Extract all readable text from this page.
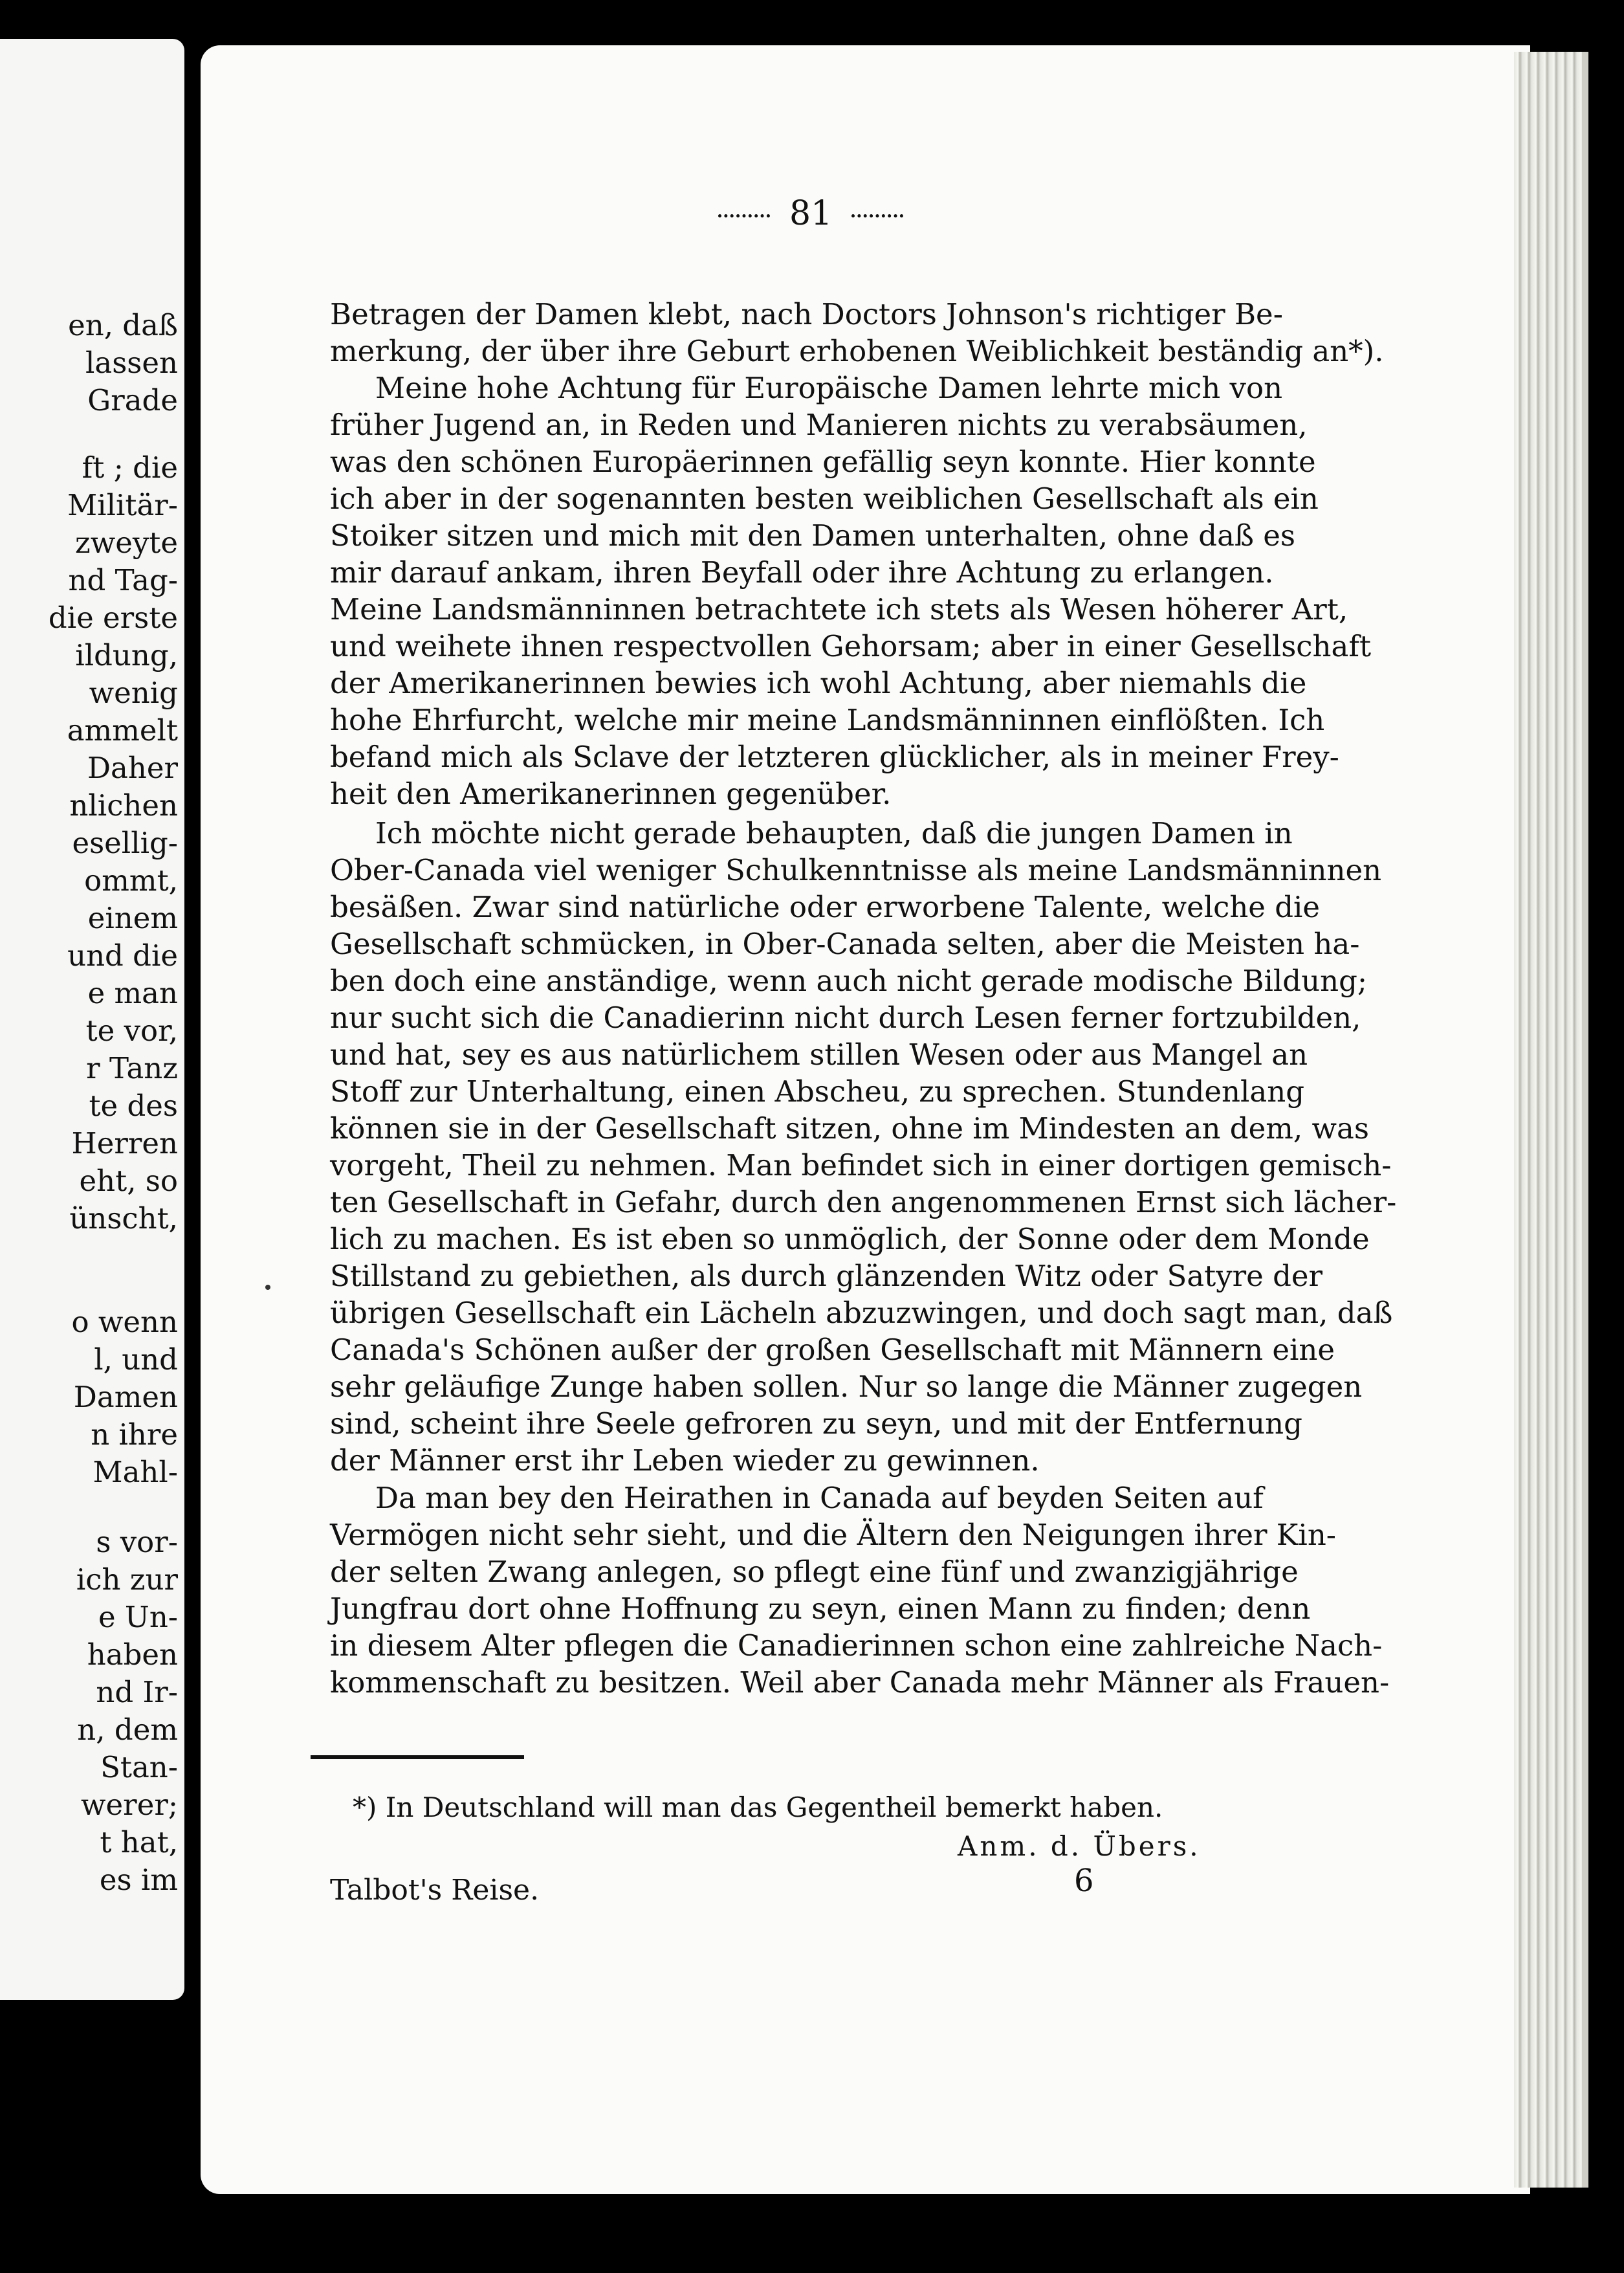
en, daß
lassen
Grade
ft ; die
Militär-
zweyte
nd Tag-
die erste
ildung,
wenig
ammelt
Daher
nlichen
esellig-
ommt,
einem
und die
e man
te vor,
r Tanz
te des
Herren
eht, so
ünscht,
o wenn
l, und
Damen
n ihre
Mahl-
s vor-
ich zur
e Un-
haben
nd Ir-
n, dem
Stan-
werer;
t hat,
es im
81
Betragen der Damen klebt, nach Doctors Johnson's richtiger Be-
merkung, der über ihre Geburt erhobenen Weiblichkeit beständig an*).
Meine hohe Achtung für Europäische Damen lehrte mich von
früher Jugend an, in Reden und Manieren nichts zu verabsäumen,
was den schönen Europäerinnen gefällig seyn konnte. Hier konnte
ich aber in der sogenannten besten weiblichen Gesellschaft als ein
Stoiker sitzen und mich mit den Damen unterhalten, ohne daß es
mir darauf ankam, ihren Beyfall oder ihre Achtung zu erlangen.
Meine Landsmänninnen betrachtete ich stets als Wesen höherer Art,
und weihete ihnen respectvollen Gehorsam; aber in einer Gesellschaft
der Amerikanerinnen bewies ich wohl Achtung, aber niemahls die
hohe Ehrfurcht, welche mir meine Landsmänninnen einflößten. Ich
befand mich als Sclave der letzteren glücklicher, als in meiner Frey-
heit den Amerikanerinnen gegenüber.
Ich möchte nicht gerade behaupten, daß die jungen Damen in
Ober-Canada viel weniger Schulkenntnisse als meine Landsmänninnen
besäßen. Zwar sind natürliche oder erworbene Talente, welche die
Gesellschaft schmücken, in Ober-Canada selten, aber die Meisten ha-
ben doch eine anständige, wenn auch nicht gerade modische Bildung;
nur sucht sich die Canadierinn nicht durch Lesen ferner fortzubilden,
und hat, sey es aus natürlichem stillen Wesen oder aus Mangel an
Stoff zur Unterhaltung, einen Abscheu, zu sprechen. Stundenlang
können sie in der Gesellschaft sitzen, ohne im Mindesten an dem, was
vorgeht, Theil zu nehmen. Man befindet sich in einer dortigen gemisch-
ten Gesellschaft in Gefahr, durch den angenommenen Ernst sich lächer-
lich zu machen. Es ist eben so unmöglich, der Sonne oder dem Monde
Stillstand zu gebiethen, als durch glänzenden Witz oder Satyre der
übrigen Gesellschaft ein Lächeln abzuzwingen, und doch sagt man, daß
Canada's Schönen außer der großen Gesellschaft mit Männern eine
sehr geläufige Zunge haben sollen. Nur so lange die Männer zugegen
sind, scheint ihre Seele gefroren zu seyn, und mit der Entfernung
der Männer erst ihr Leben wieder zu gewinnen.
Da man bey den Heirathen in Canada auf beyden Seiten auf
Vermögen nicht sehr sieht, und die Ältern den Neigungen ihrer Kin-
der selten Zwang anlegen, so pflegt eine fünf und zwanzigjährige
Jungfrau dort ohne Hoffnung zu seyn, einen Mann zu finden; denn
in diesem Alter pflegen die Canadierinnen schon eine zahlreiche Nach-
kommenschaft zu besitzen. Weil aber Canada mehr Männer als Frauen-
*) In Deutschland will man das Gegentheil bemerkt haben.
Anm. d. Übers.
Talbot's Reise.	6
